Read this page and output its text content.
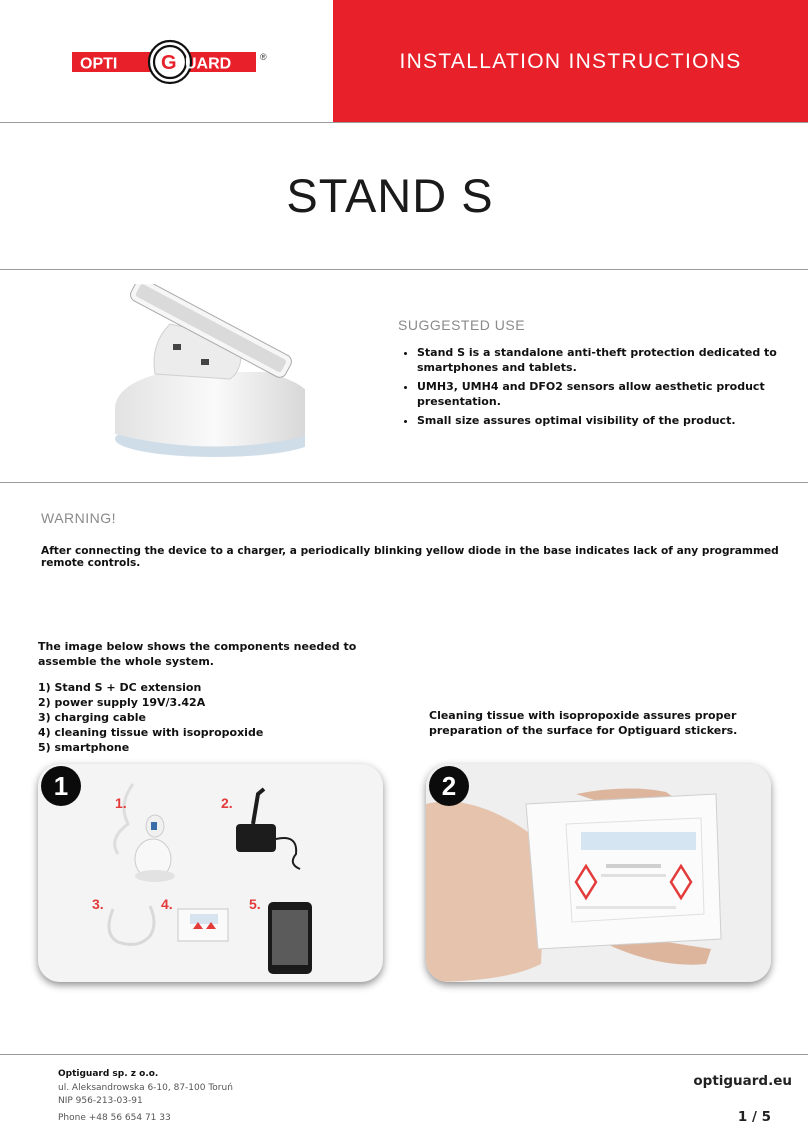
INSTALLATION INSTRUCTIONS
OPTI G UARD	®
STAND S
SUGGESTED USE
• Stand S is a standalone anti-theft protection dedicated to smartphones and tablets.
• UMH3, UMH4 and DFO2 sensors allow aesthetic product presentation.
• Small size assures optimal visibility of the product.
WARNING!
After connecting the device to a charger, a periodically blinking yellow diode in the base indicates lack of any programmed remote controls.
The image below shows the components needed to assemble the whole system.
1) Stand S + DC extension
2) power supply 19V/3.42A
3) charging cable
4) cleaning tissue with isopropoxide
5) smartphone
Cleaning tissue with isopropoxide assures proper preparation of the surface for Optiguard stickers.
1
1.	2.
3.	4.	5.
2
Optiguard sp. z o.o.
ul. Aleksandrowska 6-10, 87-100 Toruń
NIP 956-213-03-91
Phone +48 56 654 71 33
optiguard.eu
1 / 5
